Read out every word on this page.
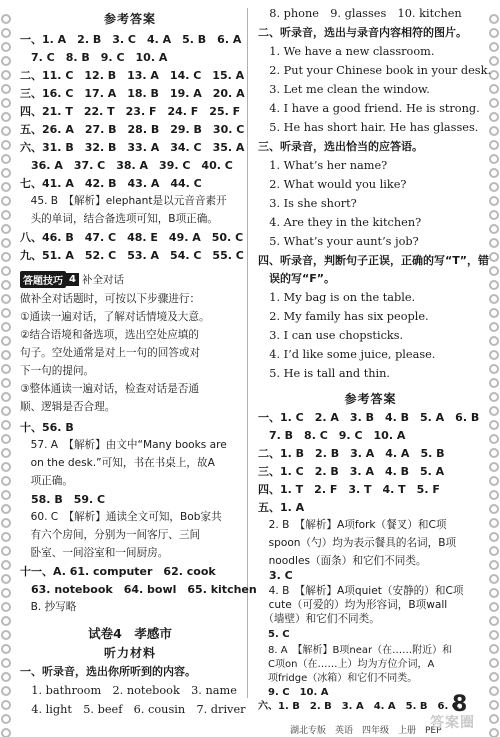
参考答案
一、1. A　2. B　3. C　4. A　5. B　6. A
　7. C　8. B　9. C　10. A
二、11. C　12. B　13. A　14. C　15. A
三、16. C　17. A　18. B　19. A　20. A
四、21. T　22. T　23. F　24. F　25. F
五、26. A　27. B　28. B　29. B　30. C
六、31. B　32. B　33. A　34. C　35. A
　36. A　37. C　38. A　39. C　40. C
七、41. A　42. B　43. A　44. C
　45. B　【解析】elephant是以元音音素开
　头的单词，结合备选项可知，B项正确。
八、46. B　47. C　48. E　49. A　50. C
九、51. A　52. C　53. A　54. C　55. C
答题技巧 4 补全对话
做补全对话题时，可按以下步骤进行：
①通读一遍对话，了解对话情境及大意。
②结合语境和备选项，选出空处应填的
句子。空处通常是对上一句的回答或对
下一句的提问。
③整体通读一遍对话，检查对话是否通
顺、逻辑是否合理。
十、56. B
　57. A　【解析】由文中“Many books are
　on the desk.”可知，书在书桌上，故A
　项正确。
　58. B　59. C
　60. C　【解析】通读全文可知，Bob家共
　有六个房间，分别为一间客厅、三间
　卧室、一间浴室和一间厨房。
十一、A. 61. computer　62. cook
　63. notebook　64. bowl　65. kitchen
　B. 抄写略
试卷4　孝感市
听力材料
一、听录音，选出你所听到的内容。
　1. bathroom　2. notebook　3. name
　4. light　5. beef　6. cousin　7. driver
　8. phone　9. glasses　10. kitchen
二、听录音，选出与录音内容相符的图片。
　1. We have a new classroom.
　2. Put your Chinese book in your desk.
　3. Let me clean the window.
　4. I have a good friend. He is strong.
　5. He has short hair. He has glasses.
三、听录音，选出恰当的应答语。
　1. What’s her name?
　2. What would you like?
　3. Is she short?
　4. Are they in the kitchen?
　5. What’s your aunt’s job?
四、听录音，判断句子正误，正确的写“T”，错
　误的写“F”。
　1. My bag is on the table.
　2. My family has six people.
　3. I can use chopsticks.
　4. I’d like some juice, please.
　5. He is tall and thin.
参考答案
一、1. C　2. A　3. B　4. B　5. A　6. B
　7. B　8. C　9. C　10. A
二、1. B　2. B　3. A　4. A　5. B
三、1. C　2. B　3. A　4. B　5. A
四、1. T　2. F　3. T　4. T　5. F
五、1. A
　2. B　【解析】A项fork（餐叉）和C项
　spoon（勺）均为表示餐具的名词，B项
　noodles（面条）和它们不同类。
　3. C
　4. B　【解析】A项quiet（安静的）和C项
　cute（可爱的）均为形容词，B项wall
　（墙壁）和它们不同类。
　5. C
　8. A　【解析】B项near（在……附近）和
　C项on（在……上）均为方位介词，A
　项fridge（冰箱）和它们不同类。
　9. C　10. A
六、1. B　2. B　3. A　4. A　5. B　6. C
湖北专版　英语　四年级　上册　PEP
8
答案圈
